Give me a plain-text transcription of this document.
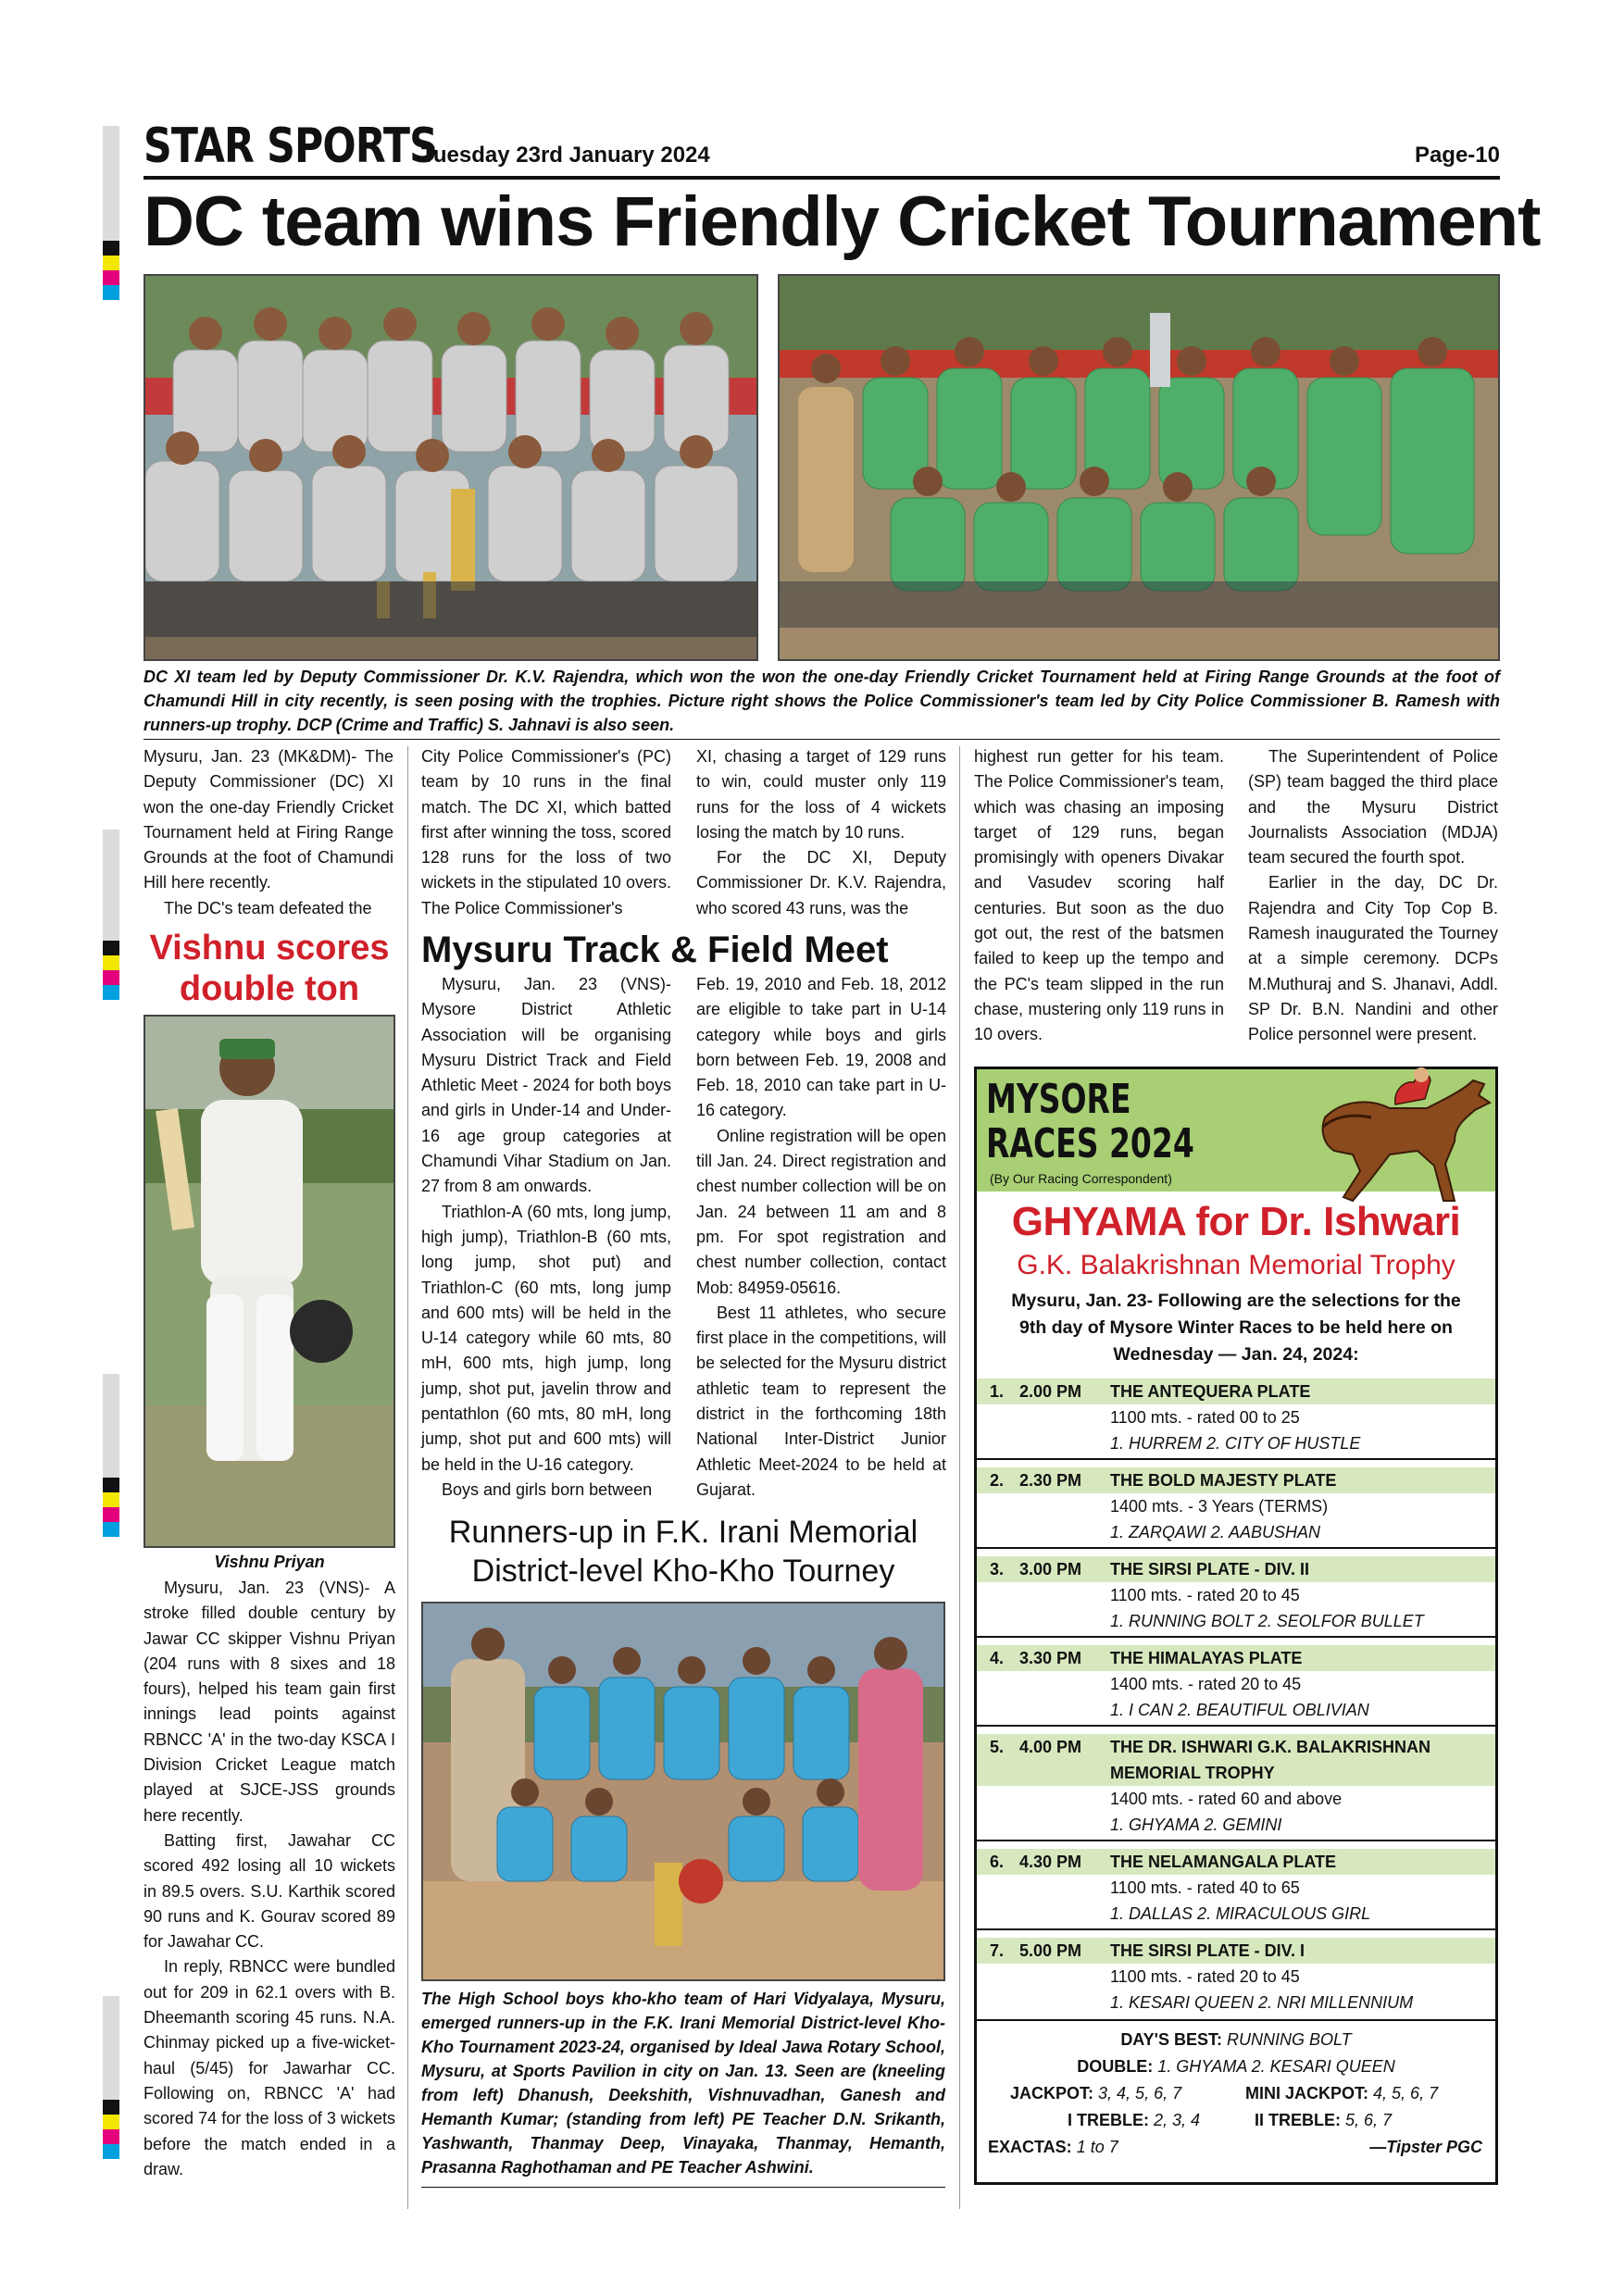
STAR SPORTS
Tuesday 23rd January 2024	Page-10
DC team wins Friendly Cricket Tournament
DC XI team led by Deputy Commissioner Dr. K.V. Rajendra, which won the won the one-day Friendly Cricket Tournament held at Firing Range Grounds at the foot of Chamundi Hill in city recently, is seen posing with the trophies. Picture right shows the Police Commissioner's team led by City Police Commissioner B. Ramesh with runners-up trophy. DCP (Crime and Traffic) S. Jahnavi is also seen.

Mysuru, Jan. 23 (MK&DM)- The Deputy Commissioner (DC) XI won the one-day Friendly Cricket Tournament held at Firing Range Grounds at the foot of Chamundi Hill here recently.

The DC's team defeated the

City Police Commissioner's (PC) team by 10 runs in the final match. The DC XI, which batted first after winning the toss, scored 128 runs for the loss of two wickets in the stipulated 10 overs. The Police Commissioner's

XI, chasing a target of 129 runs to win, could muster only 119 runs for the loss of 4 wickets losing the match by 10 runs.

For the DC XI, Deputy Commissioner Dr. K.V. Rajendra, who scored 43 runs, was the

highest run getter for his team. The Police Commissioner's team, which was chasing an imposing target of 129 runs, began promisingly with openers Divakar and Vasudev scoring half centuries. But soon as the duo got out, the rest of the batsmen failed to keep up the tempo and the PC's team slipped in the run chase, mustering only 119 runs in 10 overs.

The Superintendent of Police (SP) team bagged the third place and the Mysuru District Journalists Association (MDJA) team secured the fourth spot.

Earlier in the day, DC Dr. Rajendra and City Top Cop B. Ramesh inaugurated the Tourney at a simple ceremony. DCPs M.Muthuraj and S. Jhanavi, Addl. SP Dr. B.N. Nandini and other Police personnel were present.

Vishnu scores
double ton
Vishnu Priyan

Mysuru, Jan. 23 (VNS)- A stroke filled double century by Jawar CC skipper Vishnu Priyan (204 runs with 8 sixes and 18 fours), helped his team gain first innings lead points against RBNCC 'A' in the two-day KSCA I Division Cricket League match played at SJCE-JSS grounds here recently.

Batting first, Jawahar CC scored 492 losing all 10 wickets in 89.5 overs. S.U. Karthik scored 90 runs and K. Gourav scored 89 for Jawahar CC.

In reply, RBNCC were bundled out for 209 in 62.1 overs with B. Dheemanth scoring 45 runs. N.A. Chinmay picked up a five-wicket-haul (5/45) for Jawarhar CC. Following on, RBNCC 'A' had scored 74 for the loss of 3 wickets before the match ended in a draw.

Mysuru Track & Field Meet

Mysuru, Jan. 23 (VNS)- Mysore District Athletic Association will be organising Mysuru District Track and Field Athletic Meet - 2024 for both boys and girls in Under-14 and Under-16 age group categories at Chamundi Vihar Stadium on Jan. 27 from 8 am onwards.

Triathlon-A (60 mts, long jump, high jump), Triathlon-B (60 mts, long jump, shot put) and Triathlon-C (60 mts, long jump and 600 mts) will be held in the U-14 category while 60 mts, 80 mH, 600 mts, high jump, long jump, shot put, javelin throw and pentathlon (60 mts, 80 mH, long jump, shot put and 600 mts) will be held in the U-16 category.

Boys and girls born between

Feb. 19, 2010 and Feb. 18, 2012 are eligible to take part in U-14 category while boys and girls born between Feb. 19, 2008 and Feb. 18, 2010 can take part in U-16 category.

Online registration will be open till Jan. 24. Direct registration and chest number collection will be on Jan. 24 between 11 am and 8 pm. For spot registration and chest number collection, contact Mob: 84959-05616.

Best 11 athletes, who secure first place in the competitions, will be selected for the Mysuru district athletic team to represent the district in the forthcoming 18th National Inter-District Junior Athletic Meet-2024 to be held at Gujarat.

Runners-up in F.K. Irani Memorial
District-level Kho-Kho Tourney
The High School boys kho-kho team of Hari Vidyalaya, Mysuru, emerged runners-up in the F.K. Irani Memorial District-level Kho-Kho Tournament 2023-24, organised by Ideal Jawa Rotary School, Mysuru, at Sports Pavilion in city on Jan. 13. Seen are (kneeling from left) Dhanush, Deekshith, Vishnuvadhan, Ganesh and Hemanth Kumar; (standing from left) PE Teacher D.N. Srikanth, Yashwanth, Thanmay Deep, Vinayaka, Thanmay, Hemanth, Prasanna Raghothaman and PE Teacher Ashwini.
MYSORE
RACES 2024
(By Our Racing Correspondent)
GHYAMA for Dr. Ishwari
G.K. Balakrishnan Memorial Trophy
Mysuru, Jan. 23- Following are the selections for the 9th day of Mysore Winter Races to be held here on Wednesday — Jan. 24, 2024:
1. 2.00 PM THE ANTEQUERA PLATE
1100 mts. - rated 00 to 25
1. HURREM 2. CITY OF HUSTLE
2. 2.30 PM THE BOLD MAJESTY PLATE
1400 mts. - 3 Years (TERMS)
1. ZARQAWI 2. AABUSHAN
3. 3.00 PM THE SIRSI PLATE - DIV. II
1100 mts. - rated 20 to 45
1. RUNNING BOLT 2. SEOLFOR BULLET
4. 3.30 PM THE HIMALAYAS PLATE
1400 mts. - rated 20 to 45
1. I CAN 2. BEAUTIFUL OBLIVIAN
5. 4.00 PM THE DR. ISHWARI G.K. BALAKRISHNAN
MEMORIAL TROPHY
1400 mts. - rated 60 and above
1. GHYAMA 2. GEMINI
6. 4.30 PM THE NELAMANGALA PLATE
1100 mts. - rated 40 to 65
1. DALLAS 2. MIRACULOUS GIRL
7. 5.00 PM THE SIRSI PLATE - DIV. I
1100 mts. - rated 20 to 45
1. KESARI QUEEN 2. NRI MILLENNIUM
DAY'S BEST: RUNNING BOLT
DOUBLE: 1. GHYAMA 2. KESARI QUEEN
JACKPOT: 3, 4, 5, 6, 7	MINI JACKPOT: 4, 5, 6, 7
I TREBLE: 2, 3, 4	II TREBLE: 5, 6, 7
EXACTAS: 1 to 7	—Tipster PGC
